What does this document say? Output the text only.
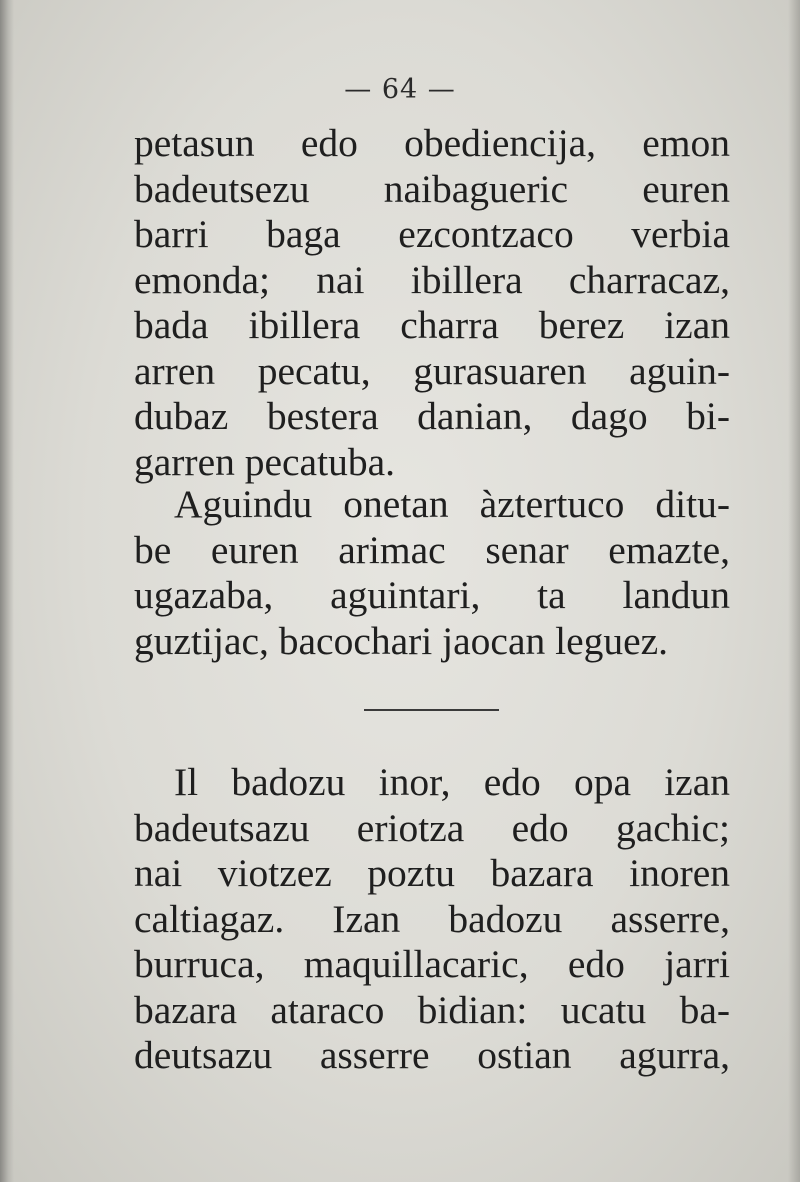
— 64 —
petasun edo obediencija, emon
badeutsezu naibagueric euren
barri baga ezcontzaco verbia
emonda; nai ibillera charracaz,
bada ibillera charra berez izan
arren pecatu, gurasuaren aguin-
dubaz bestera danian, dago bi-
garren pecatuba.
Aguindu onetan àztertuco ditu-
be euren arimac senar emazte,
ugazaba, aguintari, ta landun
guztijac, bacochari jaocan leguez.
Il badozu inor, edo opa izan
badeutsazu eriotza edo gachic;
nai viotzez poztu bazara inoren
caltiagaz. Izan badozu asserre,
burruca, maquillacaric, edo jarri
bazara ataraco bidian: ucatu ba-
deutsazu asserre ostian agurra,
